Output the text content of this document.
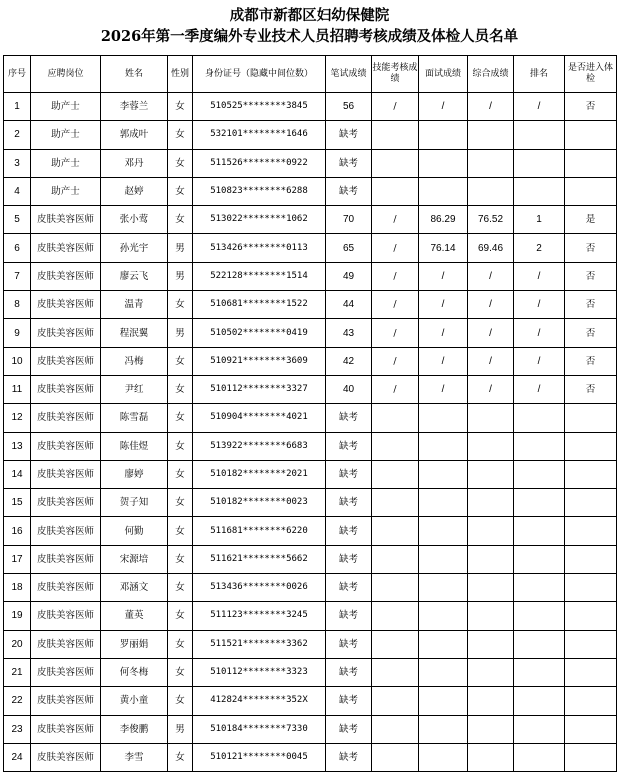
成都市新都区妇幼保健院
2026年第一季度编外专业技术人员招聘考核成绩及体检人员名单
序号	应聘岗位	姓名	性别	身份证号（隐藏中间位数）	笔试成绩	技能考核成绩	面试成绩	综合成绩	排名	是否进入体检
1	助产士	李蓉兰	女	510525********3845	56	/	/	/	/	否
2	助产士	郭成叶	女	532101********1646	缺考					
3	助产士	邓丹	女	511526********0922	缺考					
4	助产士	赵婷	女	510823********6288	缺考					
5	皮肤美容医师	张小莺	女	513022********1062	70	/	86.29	76.52	1	是
6	皮肤美容医师	孙光宇	男	513426********0113	65	/	76.14	69.46	2	否
7	皮肤美容医师	廖云飞	男	522128********1514	49	/	/	/	/	否
8	皮肤美容医师	温青	女	510681********1522	44	/	/	/	/	否
9	皮肤美容医师	程泯翼	男	510502********0419	43	/	/	/	/	否
10	皮肤美容医师	冯梅	女	510921********3609	42	/	/	/	/	否
11	皮肤美容医师	尹红	女	510112********3327	40	/	/	/	/	否
12	皮肤美容医师	陈雪磊	女	510904********4021	缺考					
13	皮肤美容医师	陈佳煜	女	513922********6683	缺考					
14	皮肤美容医师	廖婷	女	510182********2021	缺考					
15	皮肤美容医师	贺子知	女	510182********0023	缺考					
16	皮肤美容医师	何勤	女	511681********6220	缺考					
17	皮肤美容医师	宋源培	女	511621********5662	缺考					
18	皮肤美容医师	邓涵文	女	513436********0026	缺考					
19	皮肤美容医师	董英	女	511123********3245	缺考					
20	皮肤美容医师	罗丽娟	女	511521********3362	缺考					
21	皮肤美容医师	何冬梅	女	510112********3323	缺考					
22	皮肤美容医师	黄小童	女	412824********352X	缺考					
23	皮肤美容医师	李俊鹏	男	510184********7330	缺考					
24	皮肤美容医师	李雪	女	510121********0045	缺考					
